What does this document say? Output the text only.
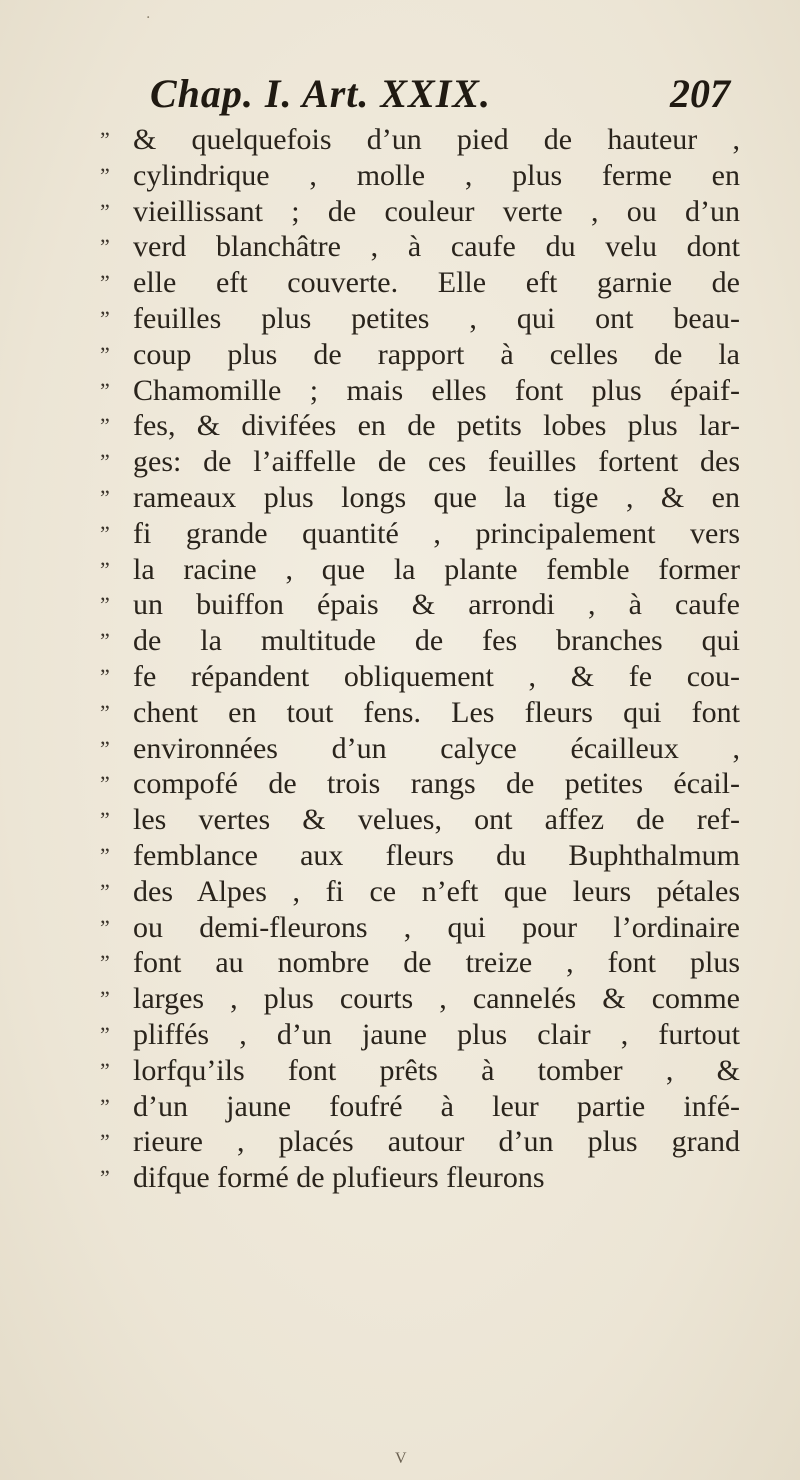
Chap. I. Art. XXIX.	207
” & quelquefois d’un pied de hauteur ,
” cylindrique , molle , plus ferme en
” vieillissant ; de couleur verte , ou d’un
” verd blanchâtre , à caufe du velu dont
” elle eft couverte. Elle eft garnie de
” feuilles plus petites , qui ont beau-
” coup plus de rapport à celles de la
” Chamomille ; mais elles font plus épaif-
” fes, & divifées en de petits lobes plus lar-
” ges: de l’aiffelle de ces feuilles fortent des
” rameaux plus longs que la tige , & en
” fi grande quantité , principalement vers
” la racine , que la plante femble former
” un buiffon épais & arrondi , à caufe
” de la multitude de fes branches qui
” fe répandent obliquement , & fe cou-
” chent en tout fens. Les fleurs qui font
” environnées d’un calyce écailleux ,
” compofé de trois rangs de petites écail-
” les vertes & velues, ont affez de ref-
” femblance aux fleurs du Buphthalmum
” des Alpes , fi ce n’eft que leurs pétales
” ou demi-fleurons , qui pour l’ordinaire
” font au nombre de treize , font plus
” larges , plus courts , cannelés & comme
” pliffés , d’un jaune plus clair , furtout
” lorfqu’ils font prêts à tomber , &
” d’un jaune foufré à leur partie infé-
” rieure , placés autour d’un plus grand
” difque formé de plufieurs fleurons
·
V
